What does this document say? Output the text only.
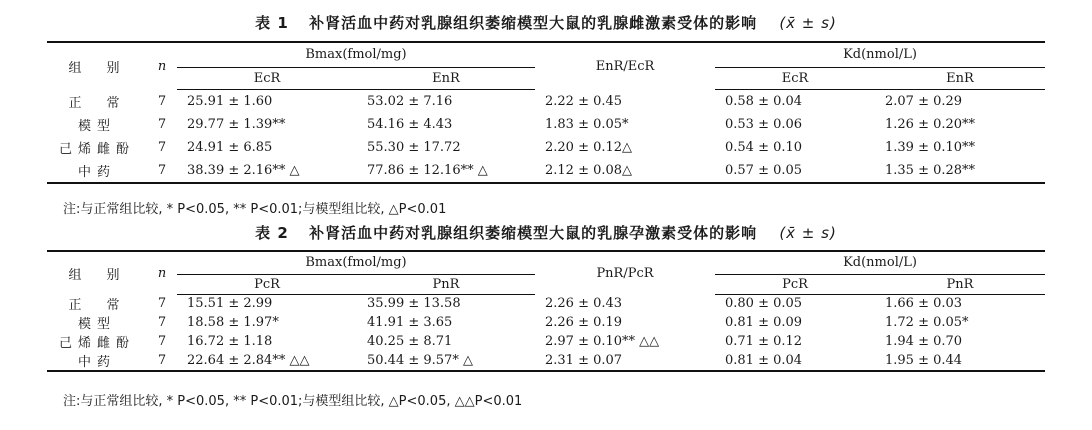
表 1 补肾活血中药对乳腺组织萎缩模型大鼠的乳腺雌激素受体的影响 (x̄ ± s)
组　别	n	Bmax(fmol/mg)		EnR/EcR	Kd(nmol/L)	
		EcR	EnR		EcR	EnR
正　常	7	25.91 ± 1.60	53.02 ± 7.16	2.22 ± 0.45	0.58 ± 0.04	2.07 ± 0.29
模型	7	29.77 ± 1.39**	54.16 ± 4.43	1.83 ± 0.05*	0.53 ± 0.06	1.26 ± 0.20**
己烯雌酚	7	24.91 ± 6.85	55.30 ± 17.72	2.20 ± 0.12△	0.54 ± 0.10	1.39 ± 0.10**
中药	7	38.39 ± 2.16** △	77.86 ± 12.16** △	2.12 ± 0.08△	0.57 ± 0.05	1.35 ± 0.28**
注:与正常组比较, * P<0.05, ** P<0.01;与模型组比较, △P<0.01
表 2 补肾活血中药对乳腺组织萎缩模型大鼠的乳腺孕激素受体的影响 (x̄ ± s)
组　别	n	Bmax(fmol/mg)		PnR/PcR	Kd(nmol/L)	
		PcR	PnR		PcR	PnR
正　常	7	15.51 ± 2.99	35.99 ± 13.58	2.26 ± 0.43	0.80 ± 0.05	1.66 ± 0.03
模型	7	18.58 ± 1.97*	41.91 ± 3.65	2.26 ± 0.19	0.81 ± 0.09	1.72 ± 0.05*
己烯雌酚	7	16.72 ± 1.18	40.25 ± 8.71	2.97 ± 0.10** △△	0.71 ± 0.12	1.94 ± 0.70
中药	7	22.64 ± 2.84** △△	50.44 ± 9.57* △	2.31 ± 0.07	0.81 ± 0.04	1.95 ± 0.44
注:与正常组比较, * P<0.05, ** P<0.01;与模型组比较, △P<0.05, △△P<0.01
